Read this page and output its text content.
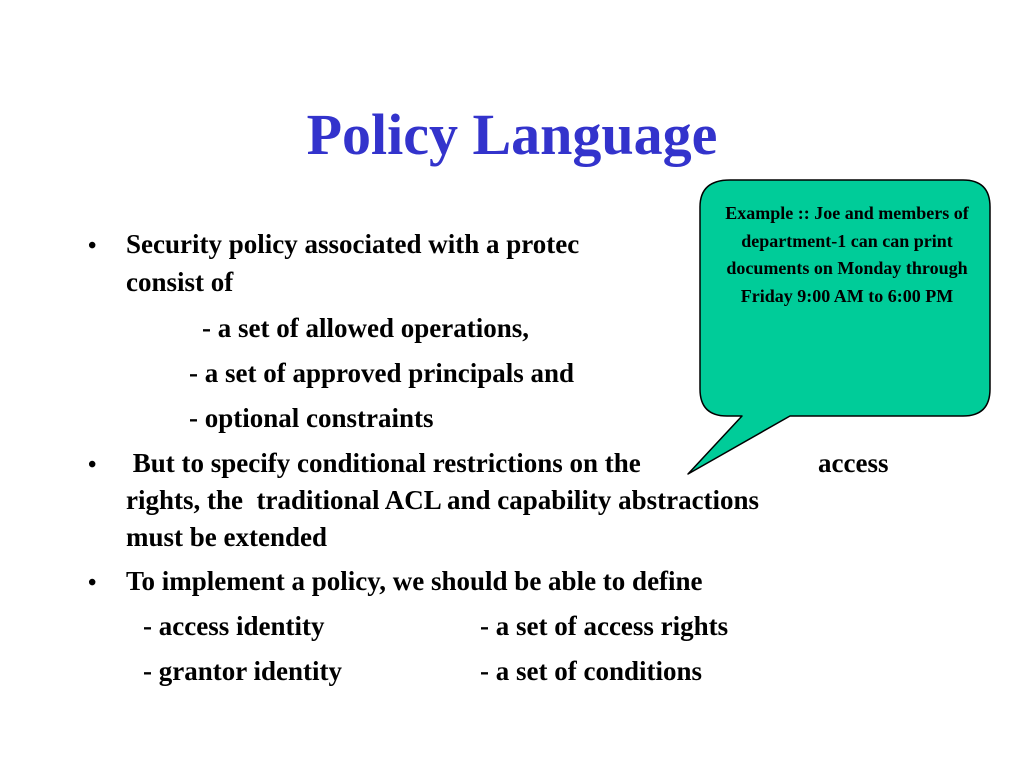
Policy Language
• Security policy associated with a protec
consist of
- a set of allowed operations,
- a set of approved principals and
- optional constraints
• But to specify conditional restrictions on the	access
rights, the  traditional ACL and capability abstractions
must be extended
• To implement a policy, we should be able to define
- access identity	- a set of access rights
- grantor identity	- a set of conditions
Example :: Joe and members of department-1 can can print documents on Monday through Friday 9:00 AM to 6:00 PM
